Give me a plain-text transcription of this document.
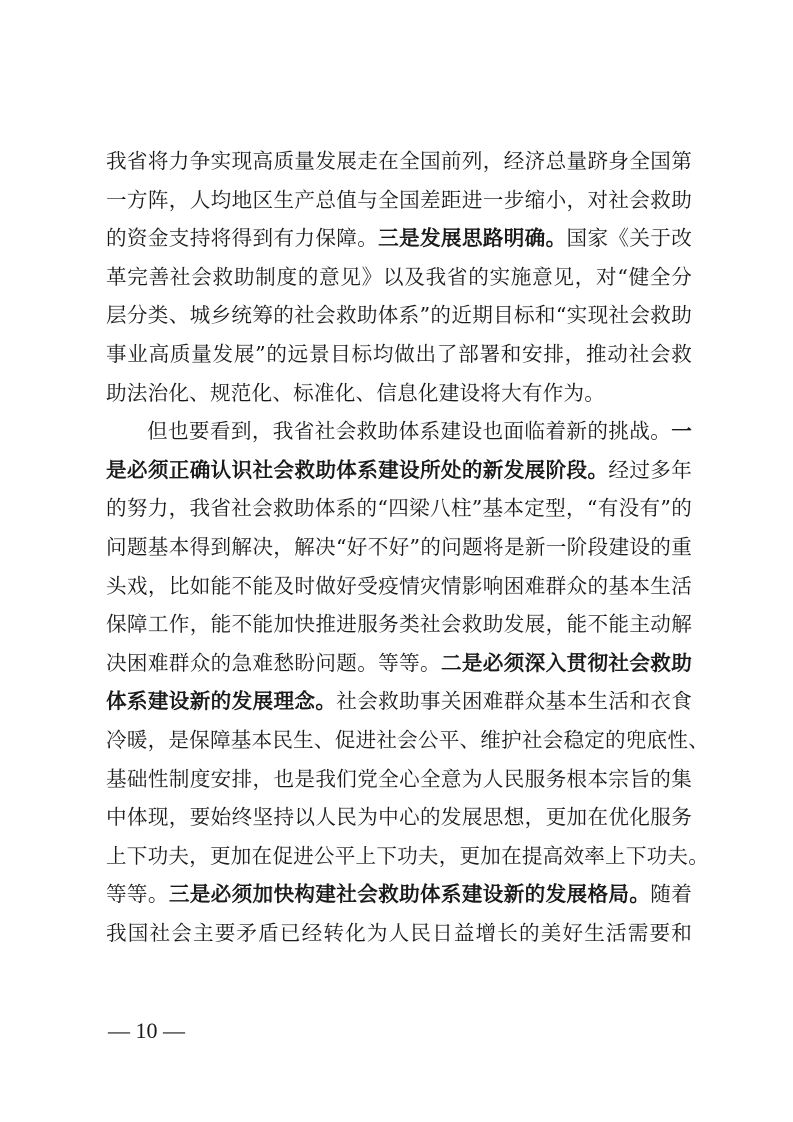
我省将力争实现高质量发展走在全国前列，经济总量跻身全国第
一方阵，人均地区生产总值与全国差距进一步缩小，对社会救助
的资金支持将得到有力保障。三是发展思路明确。国家《关于改
革完善社会救助制度的意见》以及我省的实施意见，对“健全分
层分类、城乡统筹的社会救助体系”的近期目标和“实现社会救助
事业高质量发展”的远景目标均做出了部署和安排，推动社会救
助法治化、规范化、标准化、信息化建设将大有作为。
但也要看到，我省社会救助体系建设也面临着新的挑战。一
是必须正确认识社会救助体系建设所处的新发展阶段。经过多年
的努力，我省社会救助体系的“四梁八柱”基本定型，“有没有”的
问题基本得到解决，解决“好不好”的问题将是新一阶段建设的重
头戏，比如能不能及时做好受疫情灾情影响困难群众的基本生活
保障工作，能不能加快推进服务类社会救助发展，能不能主动解
决困难群众的急难愁盼问题。等等。二是必须深入贯彻社会救助
体系建设新的发展理念。社会救助事关困难群众基本生活和衣食
冷暖，是保障基本民生、促进社会公平、维护社会稳定的兜底性、
基础性制度安排，也是我们党全心全意为人民服务根本宗旨的集
中体现，要始终坚持以人民为中心的发展思想，更加在优化服务
上下功夫，更加在促进公平上下功夫，更加在提高效率上下功夫。
等等。三是必须加快构建社会救助体系建设新的发展格局。随着
我国社会主要矛盾已经转化为人民日益增长的美好生活需要和
— 10 —
